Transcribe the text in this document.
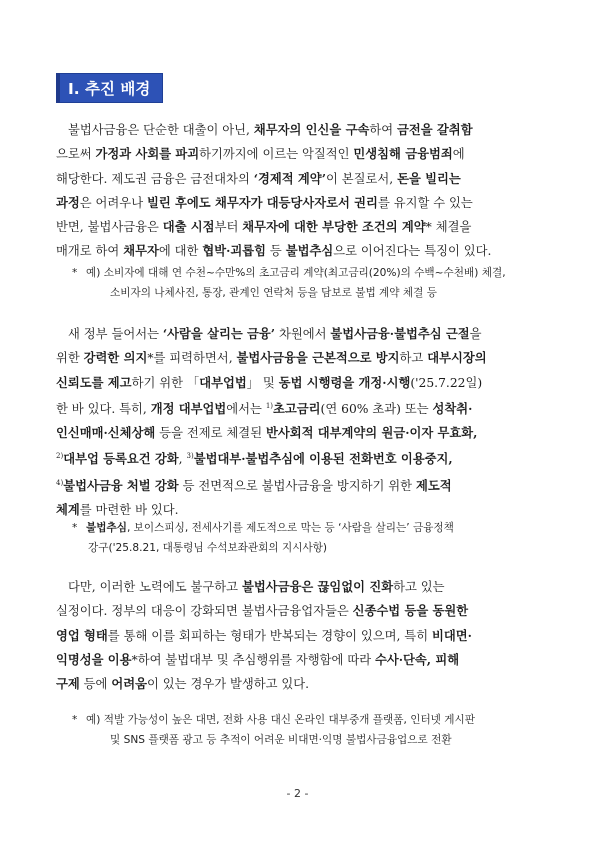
Ⅰ. 추진 배경
불법사금융은 단순한 대출이 아닌, 채무자의 인신을 구속하여 금전을 갈취함
으로써 가정과 사회를 파괴하기까지에 이르는 악질적인 민생침해 금융범죄에
해당한다. 제도권 금융은 금전대차의 ‘경제적 계약’이 본질로서, 돈을 빌리는
과정은 어려우나 빌린 후에도 채무자가 대등당사자로서 권리를 유지할 수 있는
반면, 불법사금융은 대출 시점부터 채무자에 대한 부당한 조건의 계약* 체결을
매개로 하여 채무자에 대한 협박·괴롭힘 등 불법추심으로 이어진다는 특징이 있다.
* 예) 소비자에 대해 연 수천~수만%의 초고금리 계약(최고금리(20%)의 수백~수천배) 체결,
소비자의 나체사진, 통장, 관계인 연락처 등을 담보로 불법 계약 체결 등
새 정부 들어서는 ‘사람을 살리는 금융’ 차원에서 불법사금융·불법추심 근절을
위한 강력한 의지*를 피력하면서, 불법사금융을 근본적으로 방지하고 대부시장의
신뢰도를 제고하기 위한 「대부업법」 및 동법 시행령을 개정·시행('25.7.22일)
한 바 있다. 특히, 개정 대부업법에서는 $^{1)}$초고금리(연 60% 초과) 또는 성착취·
인신매매·신체상해 등을 전제로 체결된 반사회적 대부계약의 원금·이자 무효화,
$^{2)}$대부업 등록요건 강화, $^{3)}$불법대부·불법추심에 이용된 전화번호 이용중지,
$^{4)}$불법사금융 처벌 강화 등 전면적으로 불법사금융을 방지하기 위한 제도적
체계를 마련한 바 있다.
* 불법추심, 보이스피싱, 전세사기를 제도적으로 막는 등 ‘사람을 살리는’ 금융정책
강구('25.8.21, 대통령님 수석보좌관회의 지시사항)
다만, 이러한 노력에도 불구하고 불법사금융은 끊임없이 진화하고 있는
실정이다. 정부의 대응이 강화되면 불법사금융업자들은 신종수법 등을 동원한
영업 형태를 통해 이를 회피하는 형태가 반복되는 경향이 있으며, 특히 비대면·
익명성을 이용*하여 불법대부 및 추심행위를 자행함에 따라 수사·단속, 피해
구제 등에 어려움이 있는 경우가 발생하고 있다.
* 예) 적발 가능성이 높은 대면, 전화 사용 대신 온라인 대부중개 플랫폼, 인터넷 게시판
및 SNS 플랫폼 광고 등 추적이 어려운 비대면·익명 불법사금융업으로 전환
- 2 -
